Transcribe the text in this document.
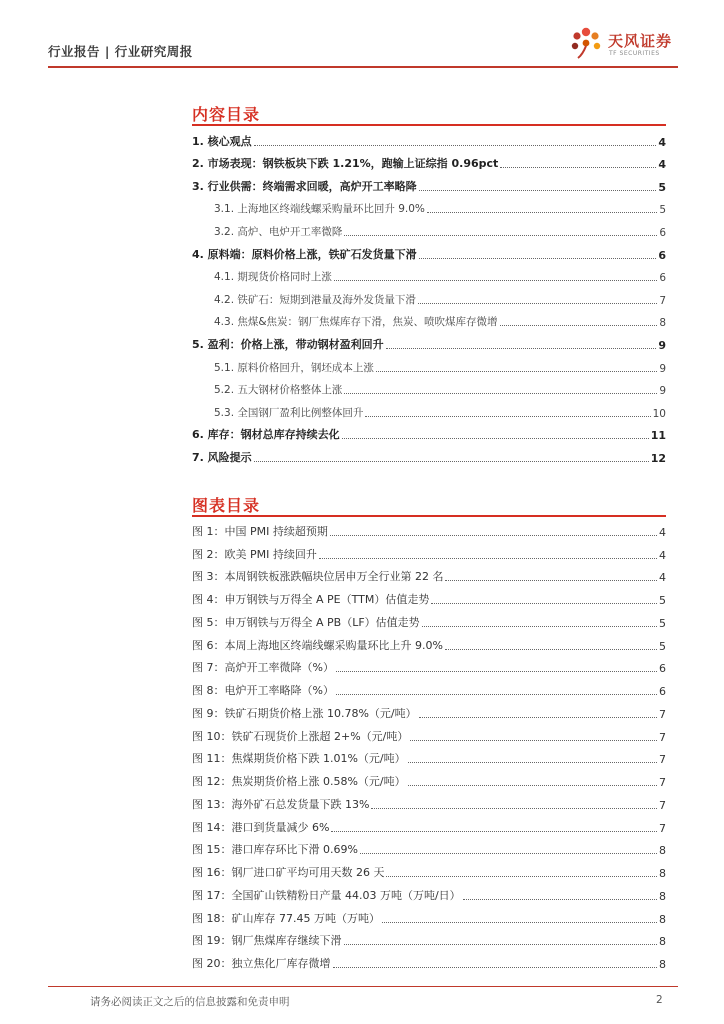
行业报告 | 行业研究周报
天风证券
TF SECURITIES
内容目录
1. 核心观点	4
2. 市场表现：钢铁板块下跌 1.21%，跑输上证综指 0.96pct	4
3. 行业供需：终端需求回暖，高炉开工率略降	5
3.1. 上海地区终端线螺采购量环比回升 9.0%	5
3.2. 高炉、电炉开工率微降	6
4. 原料端：原料价格上涨，铁矿石发货量下滑	6
4.1. 期现货价格同时上涨	6
4.2. 铁矿石：短期到港量及海外发货量下滑	7
4.3. 焦煤&焦炭：钢厂焦煤库存下滑，焦炭、喷吹煤库存微增	8
5. 盈利：价格上涨，带动钢材盈利回升	9
5.1. 原料价格回升，钢坯成本上涨	9
5.2. 五大钢材价格整体上涨	9
5.3. 全国钢厂盈利比例整体回升	10
6. 库存：钢材总库存持续去化	11
7. 风险提示	12
图表目录
图 1：中国 PMI 持续超预期	4
图 2：欧美 PMI 持续回升	4
图 3：本周钢铁板涨跌幅块位居申万全行业第 22 名	4
图 4：申万钢铁与万得全 A PE（TTM）估值走势	5
图 5：申万钢铁与万得全 A PB（LF）估值走势	5
图 6：本周上海地区终端线螺采购量环比上升 9.0%	5
图 7：高炉开工率微降（%）	6
图 8：电炉开工率略降（%）	6
图 9：铁矿石期货价格上涨 10.78%（元/吨）	7
图 10：铁矿石现货价上涨超 2+%（元/吨）	7
图 11：焦煤期货价格下跌 1.01%（元/吨）	7
图 12：焦炭期货价格上涨 0.58%（元/吨）	7
图 13：海外矿石总发货量下跌 13%	7
图 14：港口到货量减少 6%	7
图 15：港口库存环比下滑 0.69%	8
图 16：钢厂进口矿平均可用天数 26 天	8
图 17：全国矿山铁精粉日产量 44.03 万吨（万吨/日）	8
图 18：矿山库存 77.45 万吨（万吨）	8
图 19：钢厂焦煤库存继续下滑	8
图 20：独立焦化厂库存微增	8
请务必阅读正文之后的信息披露和免责申明	2
